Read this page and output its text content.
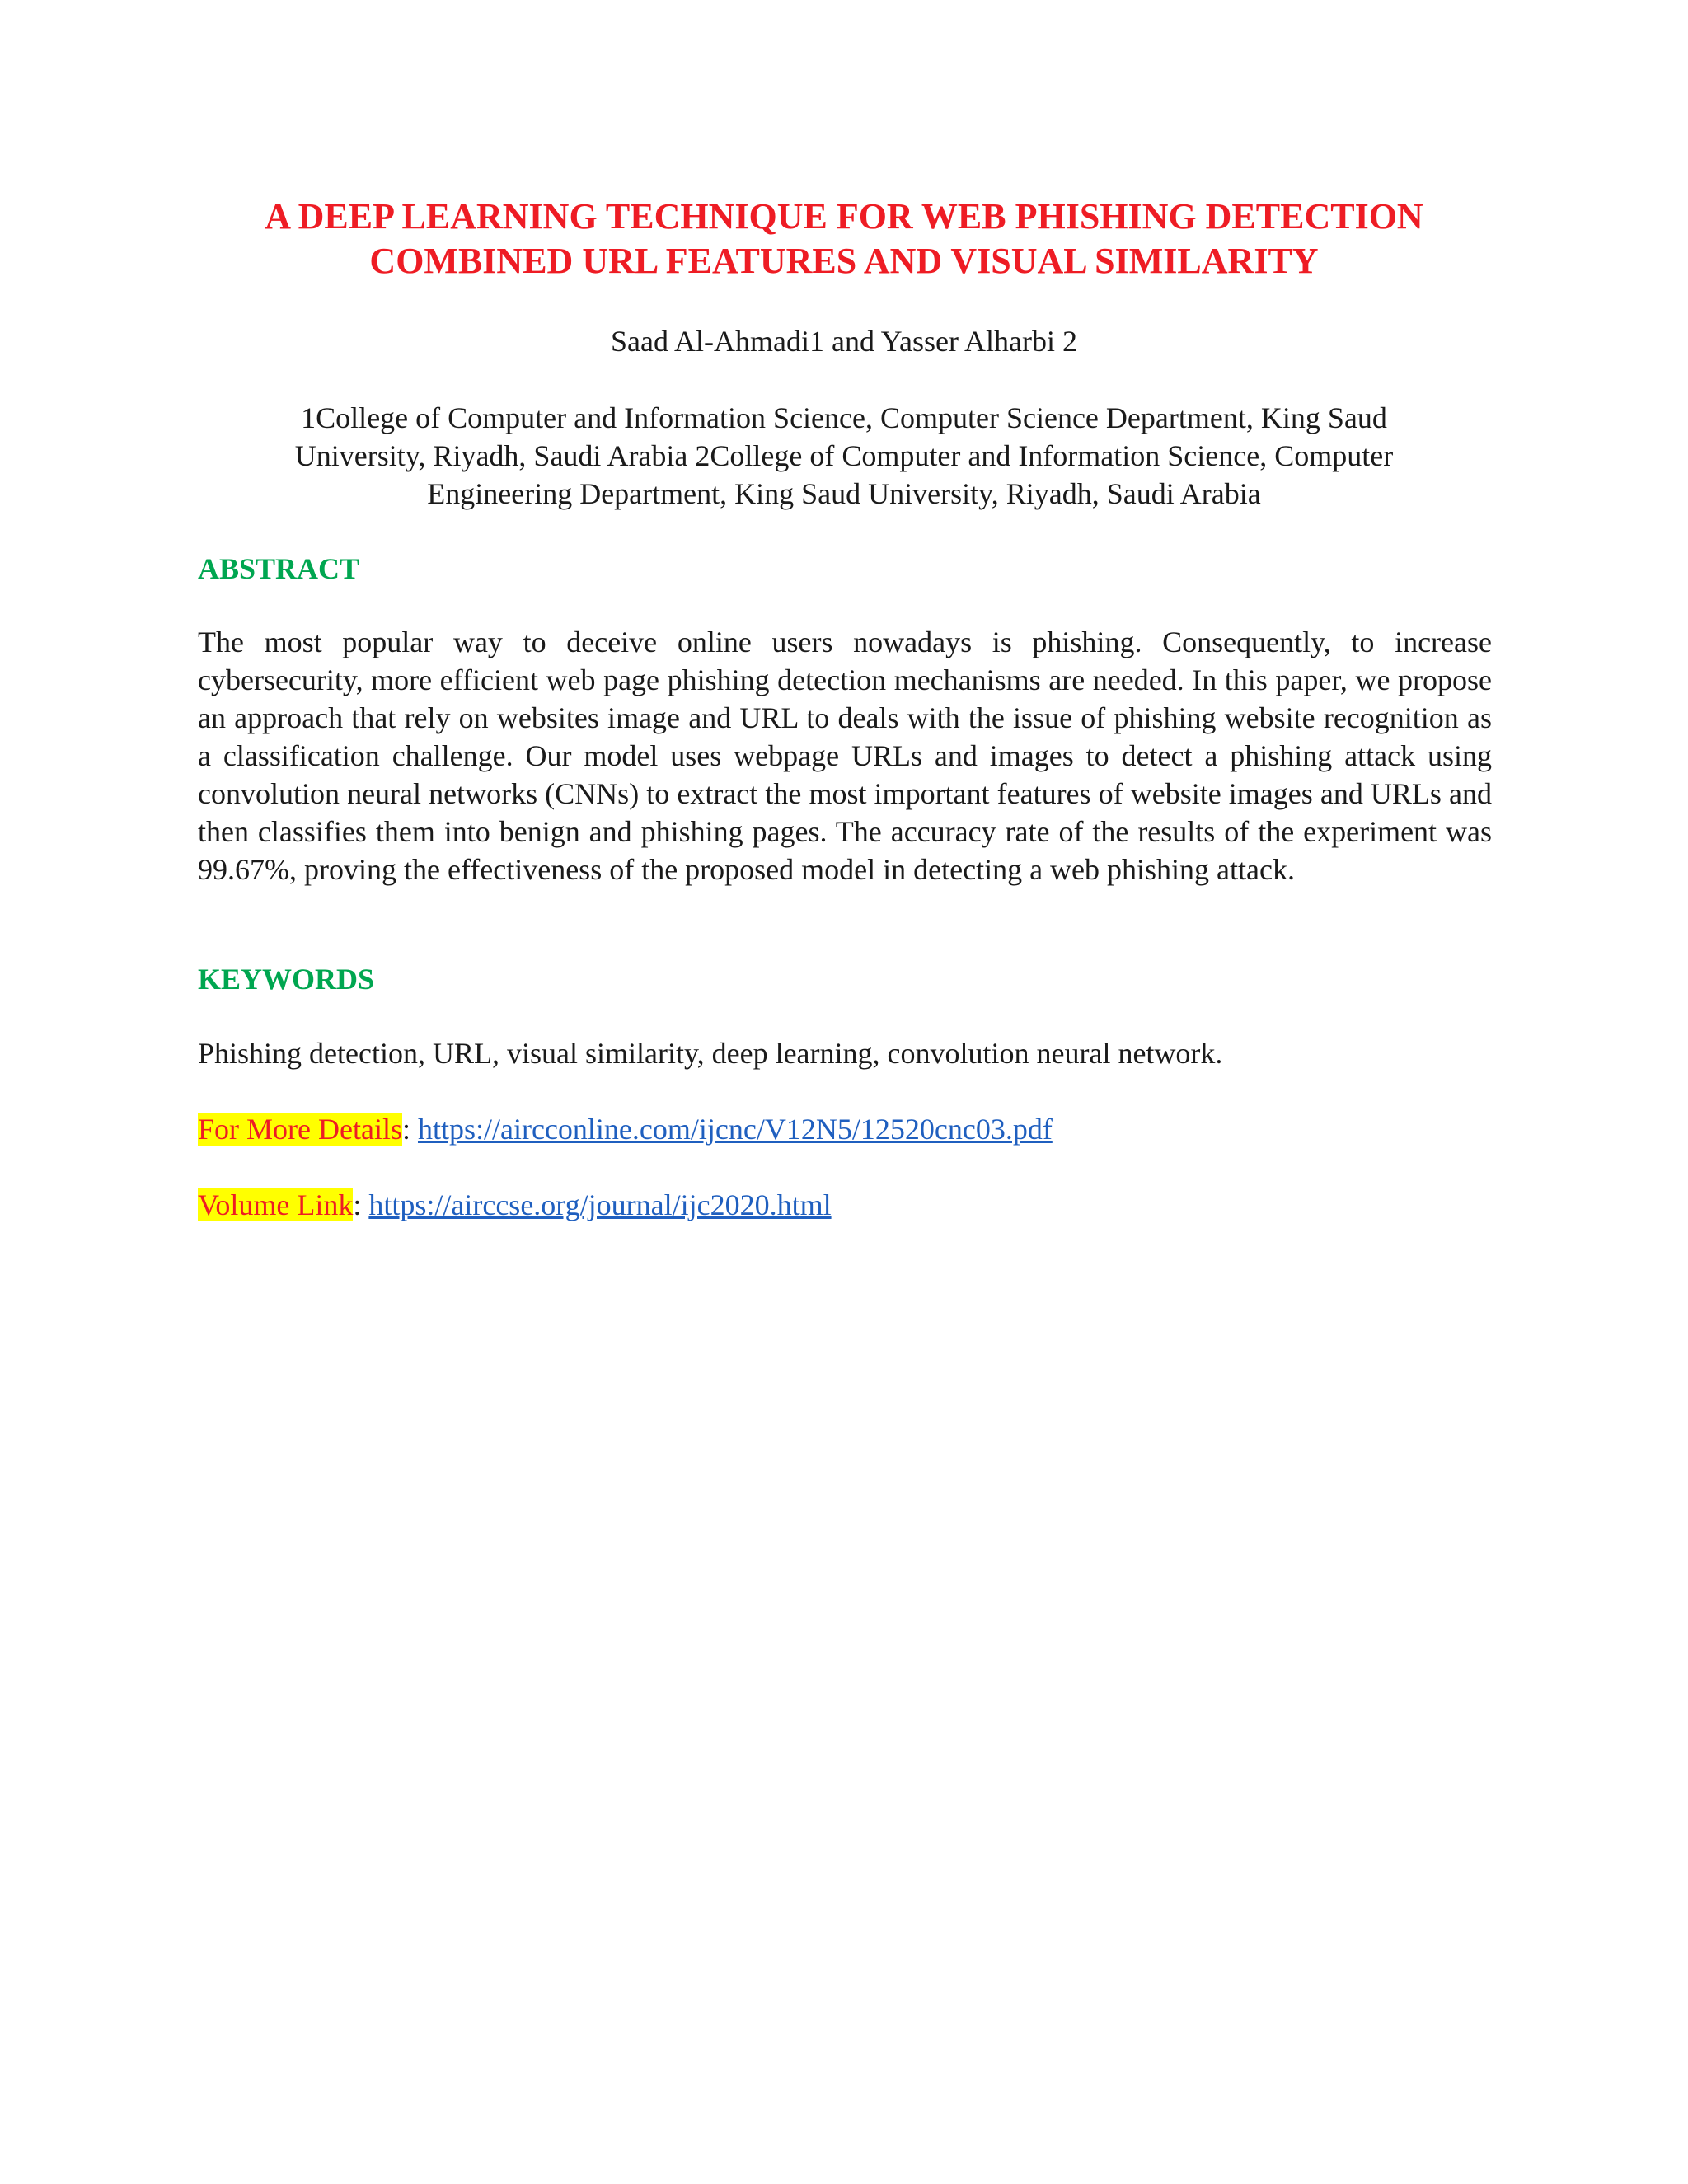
A DEEP LEARNING TECHNIQUE FOR WEB PHISHING DETECTION
COMBINED URL FEATURES AND VISUAL SIMILARITY

Saad Al-Ahmadi1 and Yasser Alharbi 2

1College of Computer and Information Science, Computer Science Department, King Saud
University, Riyadh, Saudi Arabia 2College of Computer and Information Science, Computer
Engineering Department, King Saud University, Riyadh, Saudi Arabia

ABSTRACT

The most popular way to deceive online users nowadays is phishing. Consequently, to increase cybersecurity, more efficient web page phishing detection mechanisms are needed. In this paper, we propose an approach that rely on websites image and URL to deals with the issue of phishing website recognition as a classification challenge. Our model uses webpage URLs and images to detect a phishing attack using convolution neural networks (CNNs) to extract the most important features of website images and URLs and then classifies them into benign and phishing pages. The accuracy rate of the results of the experiment was 99.67%, proving the effectiveness of the proposed model in detecting a web phishing attack.

KEYWORDS

Phishing detection, URL, visual similarity, deep learning, convolution neural network.

For More Details: https://aircconline.com/ijcnc/V12N5/12520cnc03.pdf

Volume Link: https://airccse.org/journal/ijc2020.html
